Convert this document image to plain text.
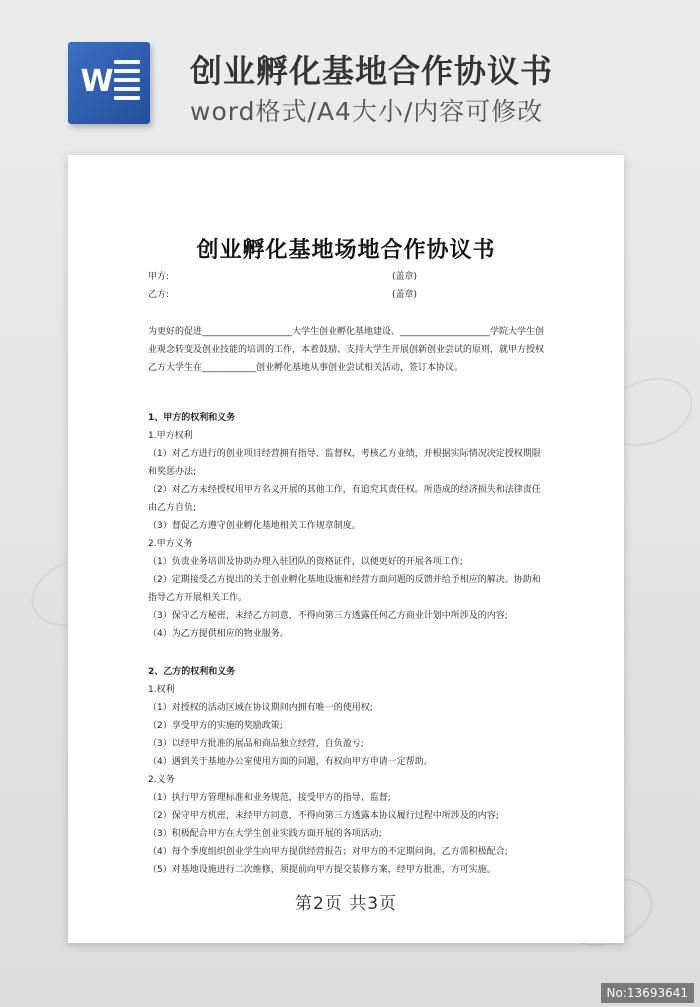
W 创业孵化基地合作协议书
word格式/A4大小/内容可修改
创业孵化基地场地合作协议书
甲方:	(盖章)
乙方:	(盖章)

为更好的促进____________________大学生创业孵化基地建设、____________________学院大学生创业观念转变及创业技能的培训的工作，本着鼓励、支持大学生开展创新创业尝试的原则，就甲方授权乙方大学生在____________创业孵化基地从事创业尝试相关活动，签订本协议。

1、甲方的权利和义务

1.甲方权利

（1）对乙方进行的创业项目经营拥有指导、监督权，考核乙方业绩，并根据实际情况决定授权期限和奖惩办法;

（2）对乙方未经授权用甲方名义开展的其他工作，有追究其责任权。所造成的经济损失和法律责任由乙方自负;

（3）督促乙方遵守创业孵化基地相关工作规章制度。

2.甲方义务

（1）负责业务培训及协助办理入驻团队的资格证件，以便更好的开展各项工作;

（2）定期接受乙方提出的关于创业孵化基地设施和经营方面问题的反馈并给予相应的解决。协助和指导乙方开展相关工作。

（3）保守乙方秘密，未经乙方同意，不得向第三方透露任何乙方商业计划中所涉及的内容;

（4）为乙方提供相应的物业服务。

2、乙方的权利和义务

1.权利

（1）对授权的活动区域在协议期间内拥有唯一的使用权;

（2）享受甲方的实施的奖励政策;

（3）以经甲方批准的展品和商品独立经营，自负盈亏;

（4）遇到关于基地办公室使用方面的问题，有权向甲方申请一定帮助。

2.义务

（1）执行甲方管理标准和业务规范，接受甲方的指导、监督;

（2）保守甲方机密，未经甲方同意，不得向第三方透露本协议履行过程中所涉及的内容;

（3）积极配合甲方在大学生创业实践方面开展的各项活动;

（4）每个季度组织创业学生向甲方提供经营报告；对甲方的不定期问询，乙方需积极配合;

（5）对基地设施进行二次维修，须提前向甲方提交装修方案，经甲方批准，方可实施。

第2页 共3页
No:13693641
